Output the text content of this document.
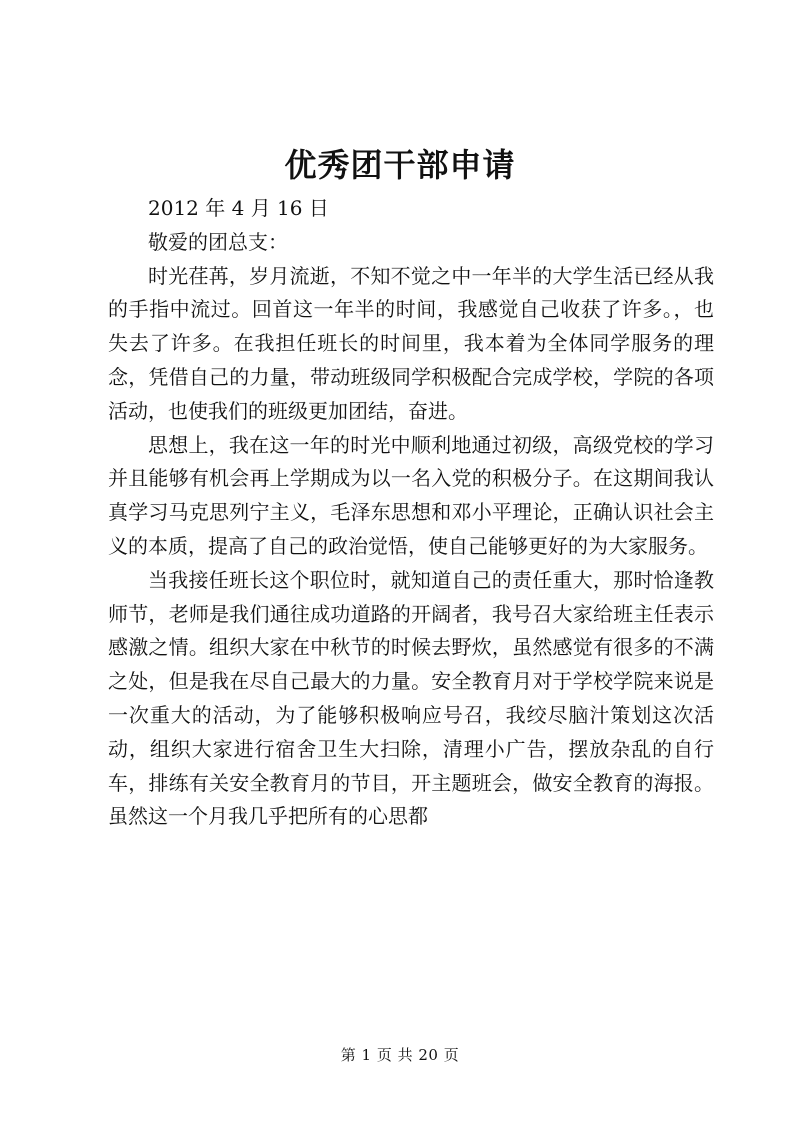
优秀团干部申请

2012 年 4 月 16 日

敬爱的团总支：

时光荏苒，岁月流逝，不知不觉之中一年半的大学生活已经从我的手指中流过。回首这一年半的时间，我感觉自己收获了许多。，也失去了许多。在我担任班长的时间里，我本着为全体同学服务的理念，凭借自己的力量，带动班级同学积极配合完成学校，学院的各项活动，也使我们的班级更加团结，奋进。

思想上，我在这一年的时光中顺利地通过初级，高级党校的学习并且能够有机会再上学期成为以一名入党的积极分子。在这期间我认真学习马克思列宁主义，毛泽东思想和邓小平理论，正确认识社会主义的本质，提高了自己的政治觉悟，使自己能够更好的为大家服务。

当我接任班长这个职位时，就知道自己的责任重大，那时恰逢教师节，老师是我们通往成功道路的开阔者，我号召大家给班主任表示感激之情。组织大家在中秋节的时候去野炊，虽然感觉有很多的不满之处，但是我在尽自己最大的力量。安全教育月对于学校学院来说是一次重大的活动，为了能够积极响应号召，我绞尽脑汁策划这次活动，组织大家进行宿舍卫生大扫除，清理小广告，摆放杂乱的自行车，排练有关安全教育月的节目，开主题班会，做安全教育的海报。虽然这一个月我几乎把所有的心思都

第 1 页 共 20 页
